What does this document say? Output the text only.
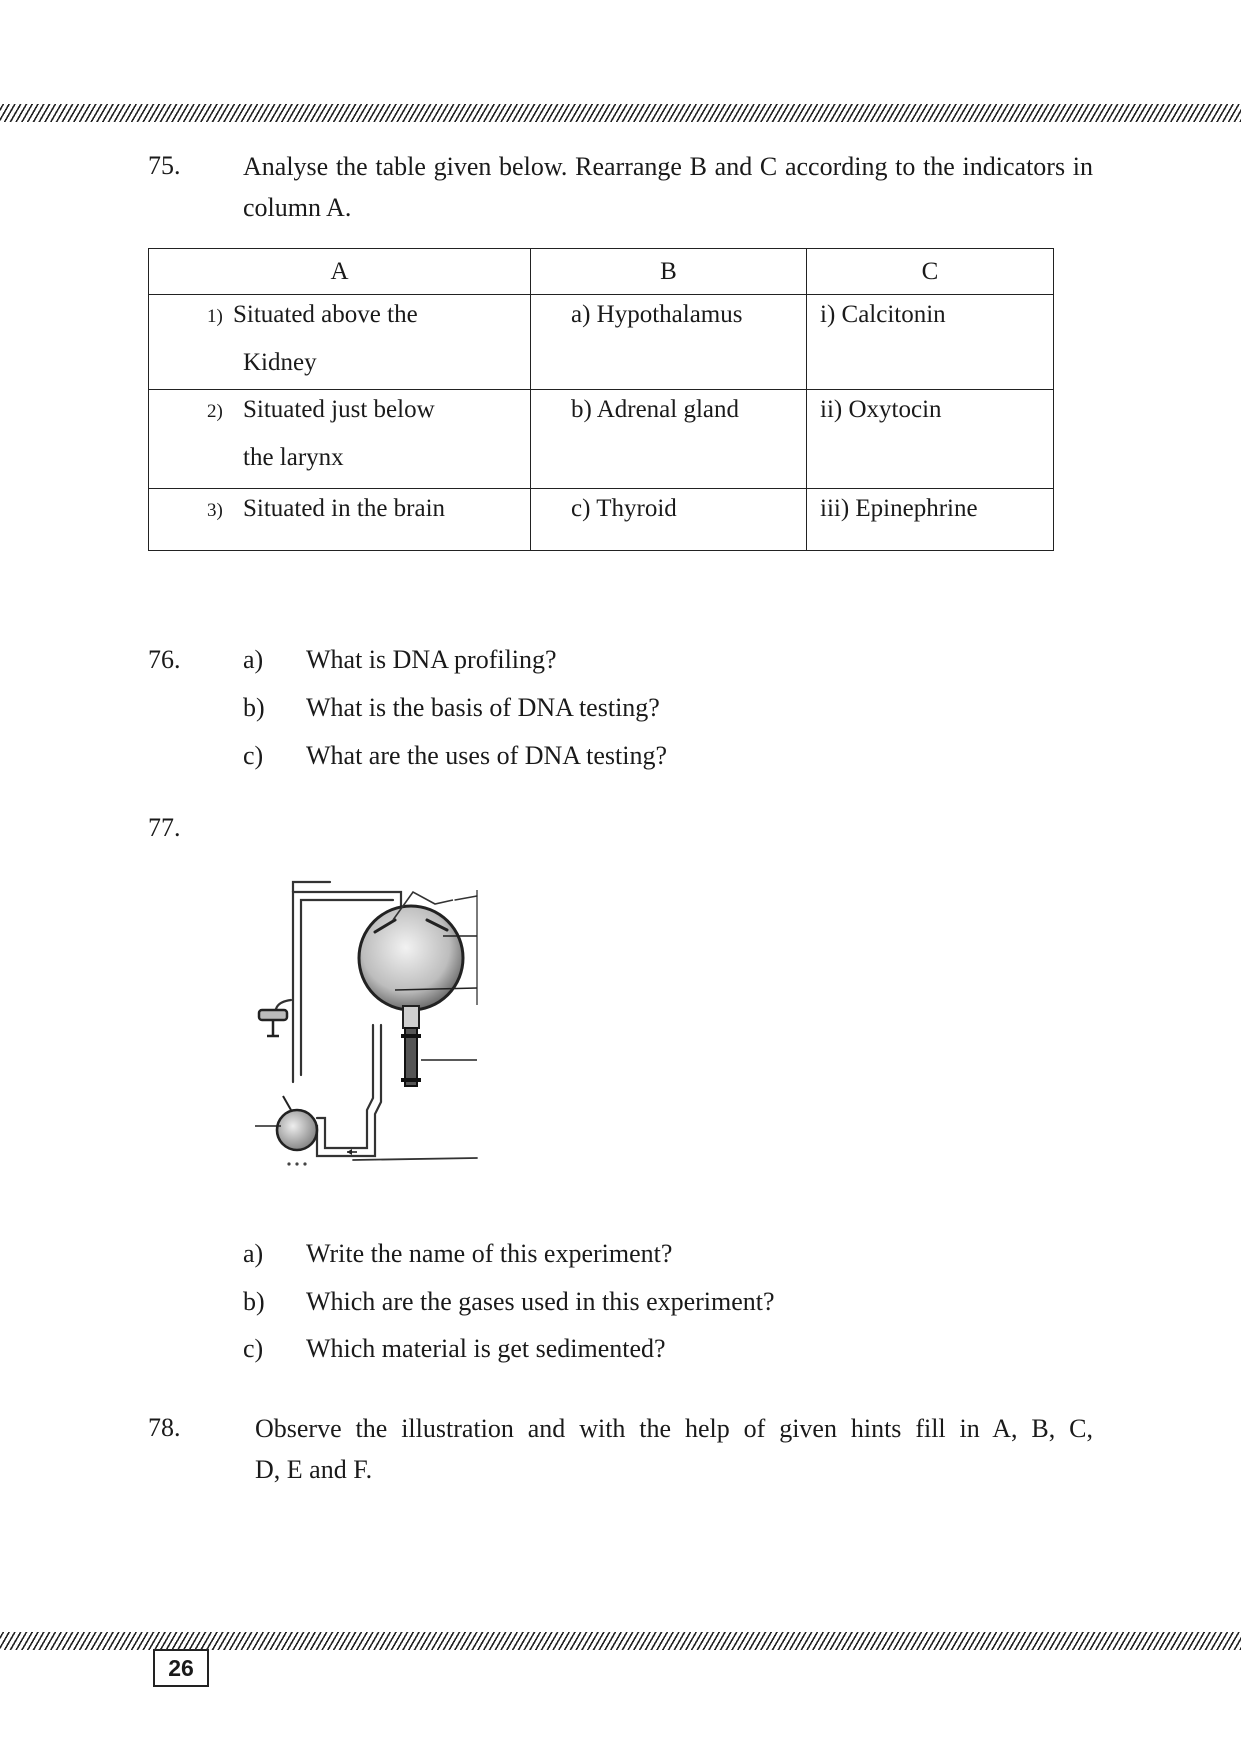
75. Analyse the table given below. Rearrange B and C according to the indicators in column A.
A	B	C

1) Situated above the
Kidney	a) Hypothalamus	i) Calcitonin

2) Situated just below
the larynx	b) Adrenal gland	ii) Oxytocin

3) Situated in the brain	c) Thyroid	iii) Epinephrine
76. a) What is DNA profiling?
b) What is the basis of DNA testing?
c) What are the uses of DNA testing?
77.
a) Write the name of this experiment?
b) Which are the gases used in this experiment?
c) Which material is get sedimented?
78.	Observe the illustration and with the help of given hints fill in A, B, C,
D, E and F.
26
